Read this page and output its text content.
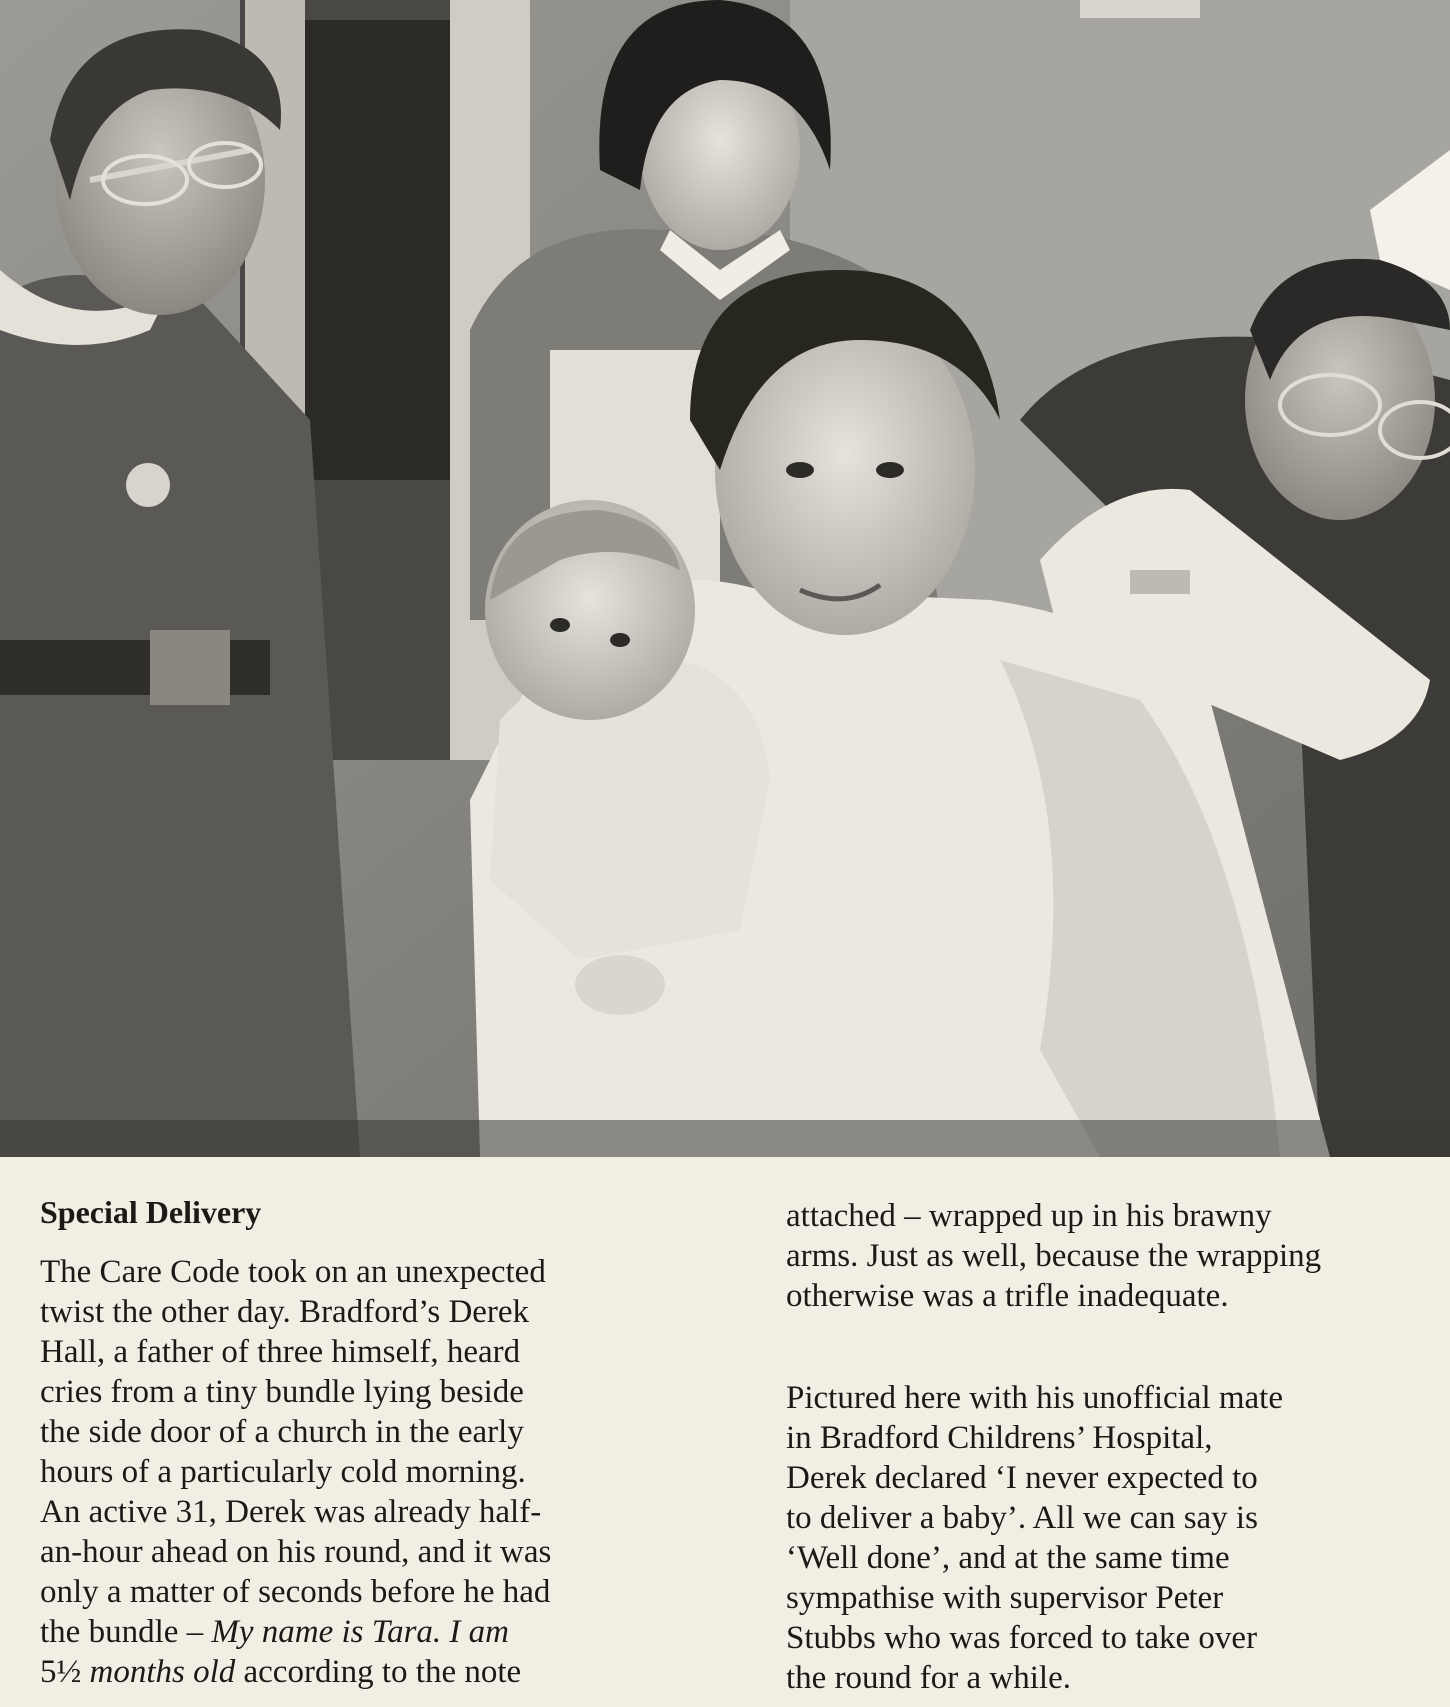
Special Delivery
The Care Code took on an unexpected
twist the other day. Bradford’s Derek
Hall, a father of three himself, heard
cries from a tiny bundle lying beside
the side door of a church in the early
hours of a particularly cold morning.
An active 31, Derek was already half-
an-hour ahead on his round, and it was
only a matter of seconds before he had
the bundle – My name is Tara. I am
5½ months old according to the note
attached – wrapped up in his brawny
arms. Just as well, because the wrapping
otherwise was a trifle inadequate.
Pictured here with his unofficial mate
in Bradford Childrens’ Hospital,
Derek declared ‘I never expected to
to deliver a baby’. All we can say is
‘Well done’, and at the same time
sympathise with supervisor Peter
Stubbs who was forced to take over
the round for a while.
